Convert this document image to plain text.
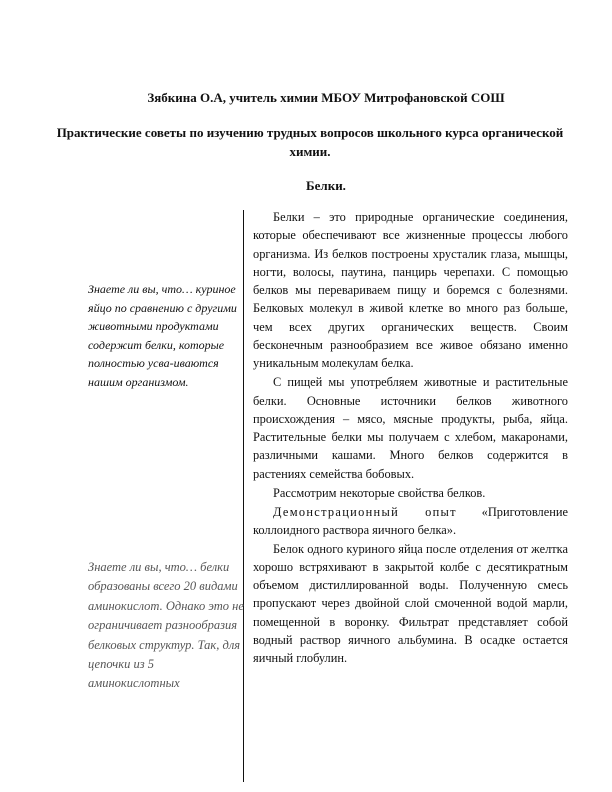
Зябкина О.А, учитель химии МБОУ Митрофановской СОШ
Практические советы по изучению трудных вопросов школьного курса органической химии.
Белки.
Знаете ли вы, что… куриное яйцо по сравнению с другими животными продуктами содержит белки, которые полностью усва-иваются нашим организмом.
Знаете ли вы, что… белки образованы всего 20 видами аминокислот. Однако это не ограничивает разнообразия белковых структур. Так, для цепочки из 5 аминокислотных

Белки – это природные органические соединения, которые обеспечивают все жизненные процессы любого организма. Из белков построены хрусталик глаза, мышцы, ногти, волосы, паутина, панцирь черепахи. С помощью белков мы перевариваем пищу и боремся с болезнями. Белковых молекул в живой клетке во много раз больше, чем всех других органических веществ. Своим бесконечным разнообразием все живое обязано именно уникальным молекулам белка.

С пищей мы употребляем животные и растительные белки. Основные источники белков животного происхождения – мясо, мясные продукты, рыба, яйца. Растительные белки мы получаем с хлебом, макаронами, различными кашами. Много белков содержится в растениях семейства бобовых.

Рассмотрим некоторые свойства белков.

Демонстрационный опыт «Приготовление коллоидного раствора яичного белка».

Белок одного куриного яйца после отделения от желтка хорошо встряхивают в закрытой колбе с десятикратным объемом дистиллированной воды. Полученную смесь пропускают через двойной слой смоченной водой марли, помещенной в воронку. Фильтрат представляет собой водный раствор яичного альбумина. В осадке остается яичный глобулин.
